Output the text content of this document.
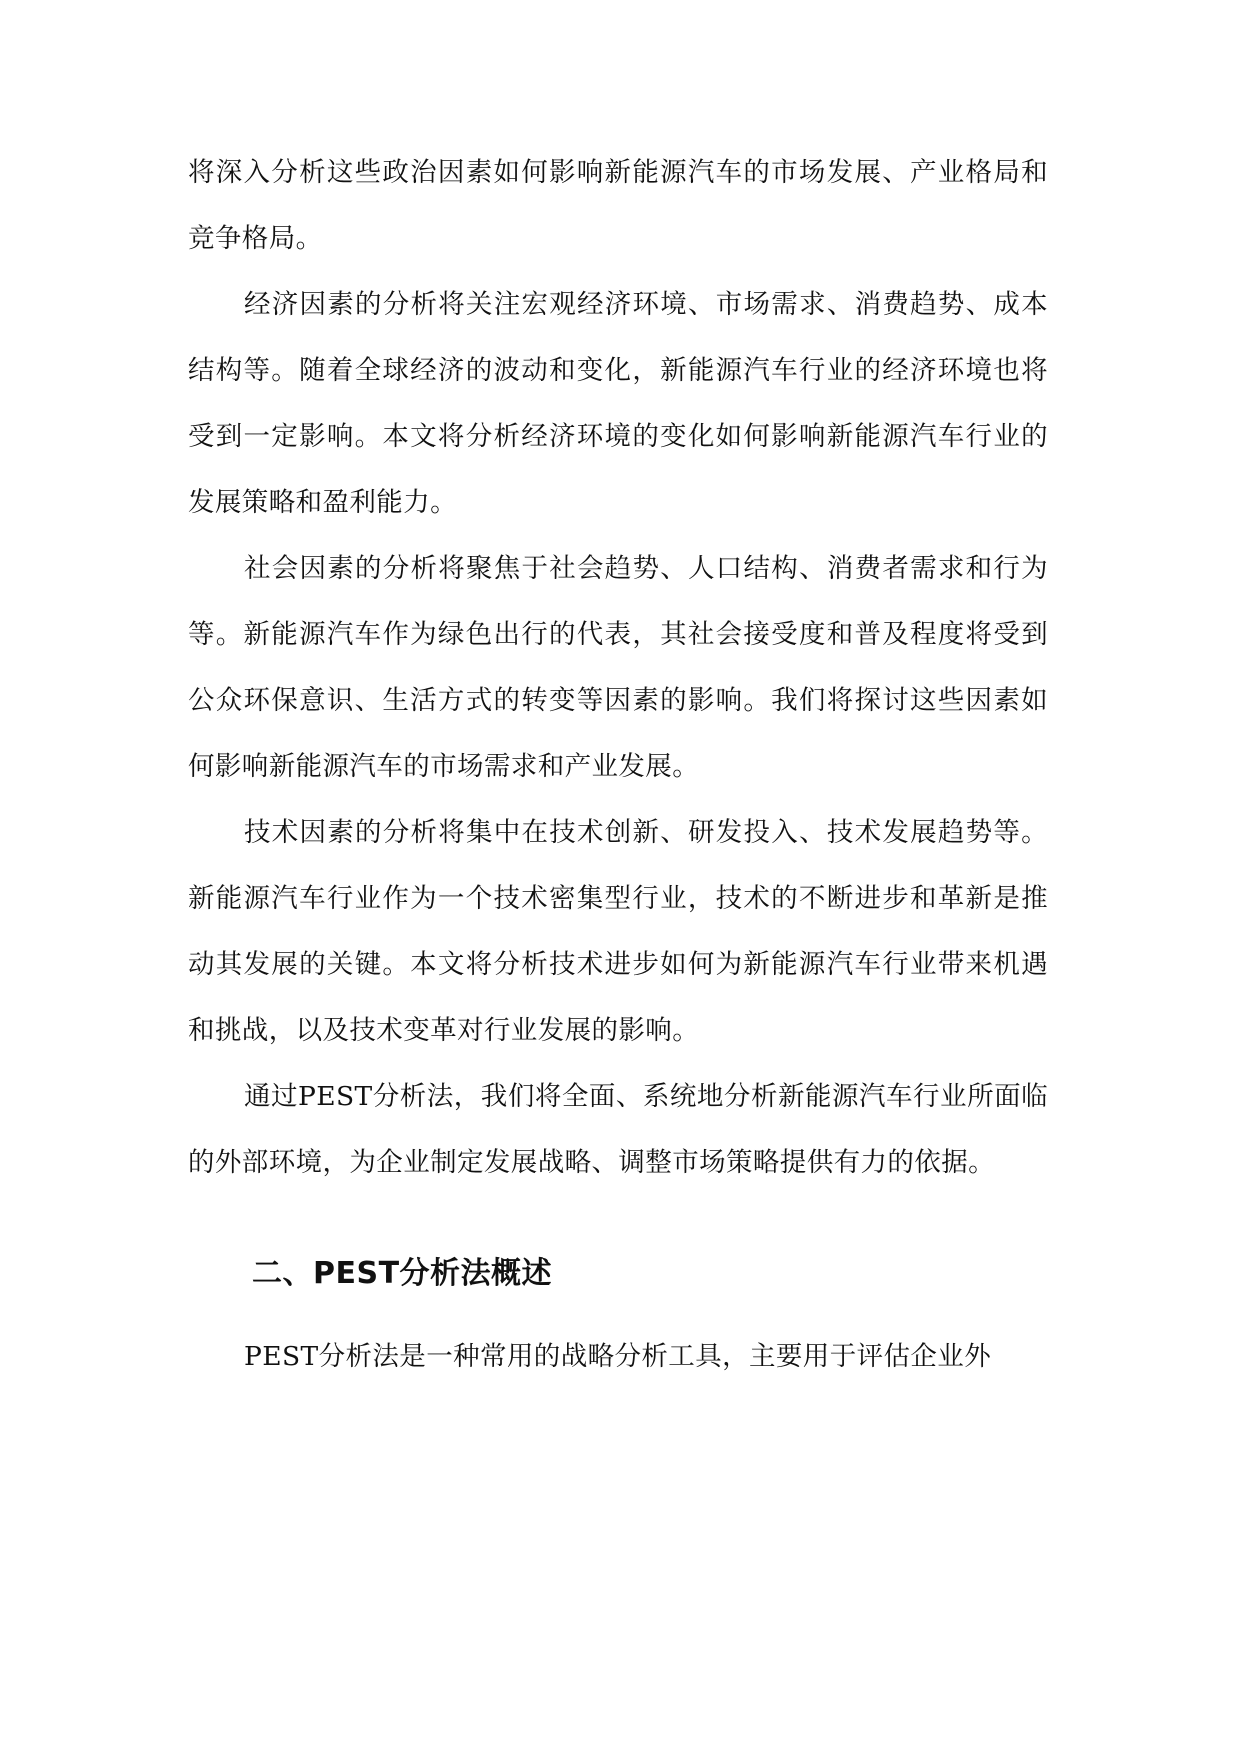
将深入分析这些政治因素如何影响新能源汽车的市场发展、产业格局和竞争格局。

经济因素的分析将关注宏观经济环境、市场需求、消费趋势、成本结构等。随着全球经济的波动和变化，新能源汽车行业的经济环境也将受到一定影响。本文将分析经济环境的变化如何影响新能源汽车行业的发展策略和盈利能力。

社会因素的分析将聚焦于社会趋势、人口结构、消费者需求和行为等。新能源汽车作为绿色出行的代表，其社会接受度和普及程度将受到公众环保意识、生活方式的转变等因素的影响。我们将探讨这些因素如何影响新能源汽车的市场需求和产业发展。

技术因素的分析将集中在技术创新、研发投入、技术发展趋势等。新能源汽车行业作为一个技术密集型行业，技术的不断进步和革新是推动其发展的关键。本文将分析技术进步如何为新能源汽车行业带来机遇和挑战，以及技术变革对行业发展的影响。

通过PEST分析法，我们将全面、系统地分析新能源汽车行业所面临的外部环境，为企业制定发展战略、调整市场策略提供有力的依据。

二、PEST分析法概述

PEST分析法是一种常用的战略分析工具，主要用于评估企业外
